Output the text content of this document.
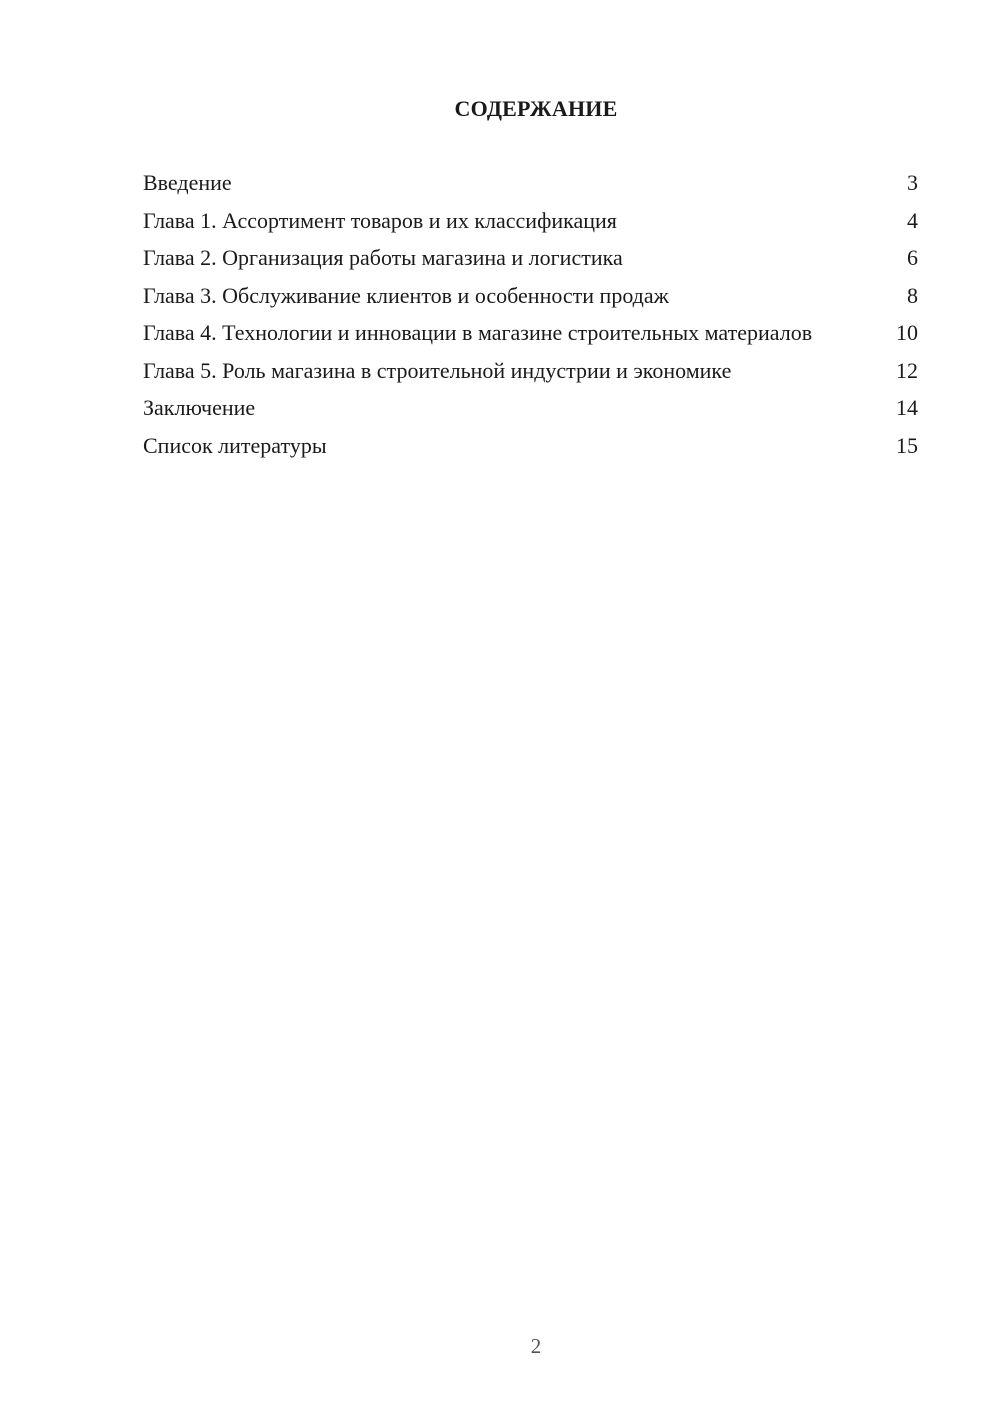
СОДЕРЖАНИЕ
Введение	3
Глава 1. Ассортимент товаров и их классификация	4
Глава 2. Организация работы магазина и логистика	6
Глава 3. Обслуживание клиентов и особенности продаж	8
Глава 4. Технологии и инновации в магазине строительных материалов	10
Глава 5. Роль магазина в строительной индустрии и экономике	12
Заключение	14
Список литературы	15
2
